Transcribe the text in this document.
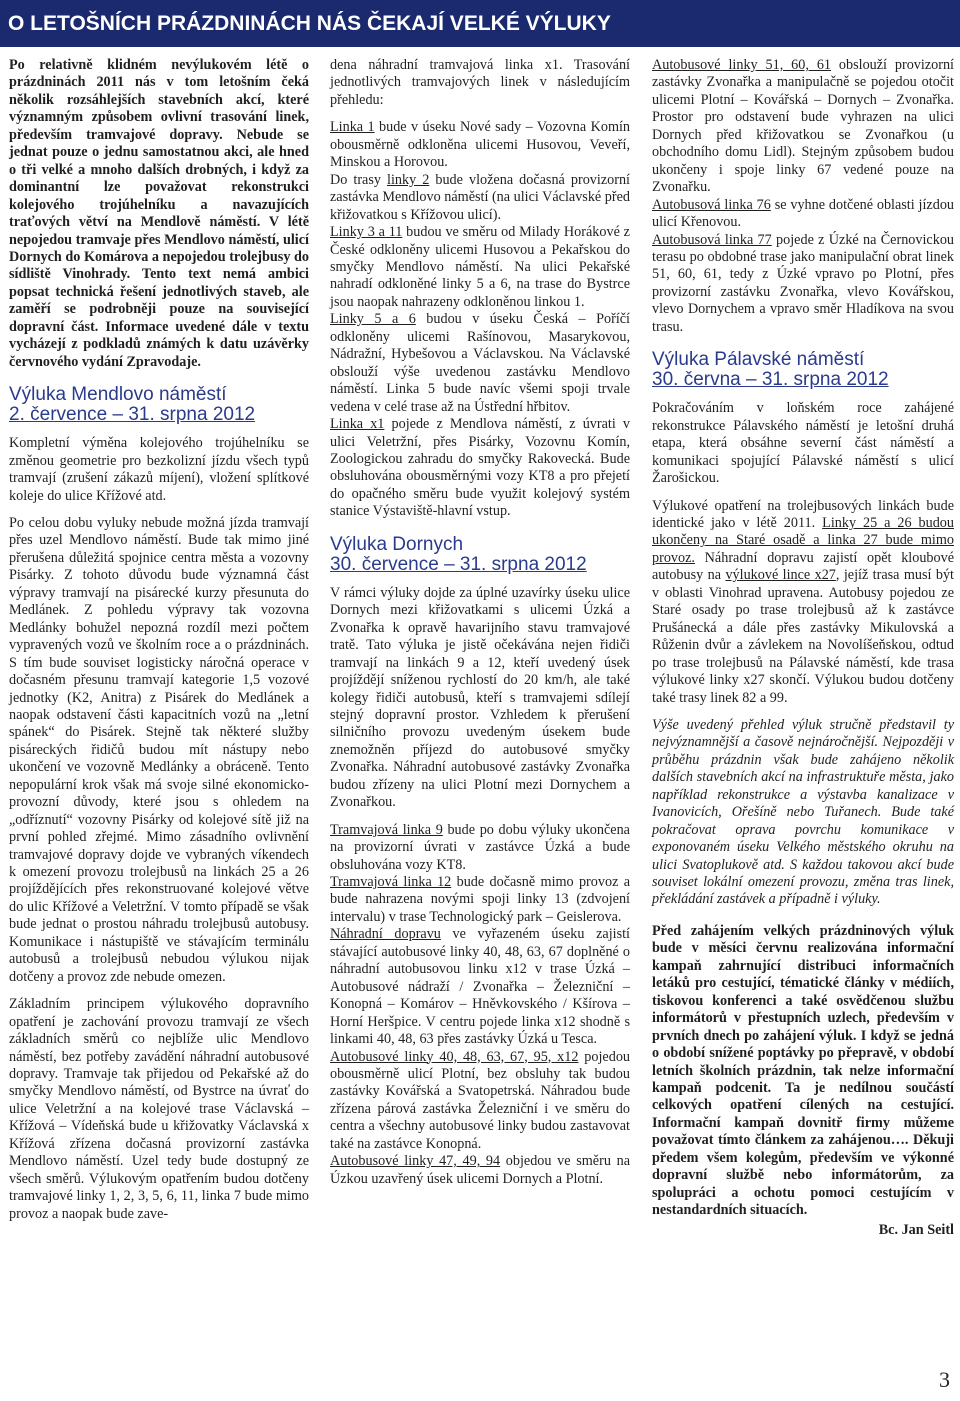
O LETOŠNÍCH PRÁZDNINÁCH NÁS ČEKAJÍ VELKÉ VÝLUKY

Po relativně klidném nevýlukovém létě o prázdninách 2011 nás v tom letošním čeká několik rozsáhlejších stavebních akcí, které významným způsobem ovlivní trasování linek, především tramvajové dopravy. Nebude se jednat pouze o jednu samostatnou akci, ale hned o tři velké a mnoho dalších drobných, i když za dominantní lze považovat rekonstrukci kolejového trojúhelníku a navazujících traťových větví na Mendlově náměstí. V létě nepojedou tramvaje přes Mendlovo náměstí, ulicí Dornych do Komárova a nepojedou trolejbusy do sídliště Vinohrady. Tento text nemá ambici popsat technická řešení jednotlivých staveb, ale zaměří se podrobněji pouze na související dopravní část. Informace uvedené dále v textu vycházejí z podkladů známých k datu uzávěrky červnového vydání Zpravodaje.

Výluka Mendlovo náměstí
2. července – 31. srpna 2012

Kompletní výměna kolejového trojúhelníku se změnou geometrie pro bezkolizní jízdu všech typů tramvají (zrušení zákazů míjení), vložení splítkové koleje do ulice Křížové atd.

Po celou dobu vyluky nebude možná jízda tramvají přes uzel Mendlovo náměstí. Bude tak mimo jiné přerušena důležitá spojnice centra města a vozovny Pisárky. Z tohoto důvodu bude významná část výpravy tramvají na pisárecké kurzy přesunuta do Medlánek. Z pohledu výpravy tak vozovna Medlánky bohužel nepozná rozdíl mezi počtem vypravených vozů ve školním roce a o prázdninách. S tím bude souviset logisticky náročná operace v dočasném přesunu tramvají kategorie 1,5 vozové jednotky (K2, Anitra) z Pisárek do Medlánek a naopak odstavení části kapacitních vozů na „letní spánek“ do Pisárek. Stejně tak některé služby pisáreckých řidičů budou mít nástupy nebo ukončení ve vozovně Medlánky a obráceně. Tento nepopulární krok však má svoje silné ekonomicko-provozní důvody, které jsou s ohledem na „odříznutí“ vozovny Pisárky od kolejové sítě již na první pohled zřejmé. Mimo zásadního ovlivnění tramvajové dopravy dojde ve vybraných víkendech k omezení provozu trolejbusů na linkách 25 a 26 projíždějících přes rekonstruované kolejové větve do ulic Křížové a Veletržní. V tomto případě se však bude jednat o prostou náhradu trolejbusů autobusy. Komunikace i nástupiště ve stávajícím terminálu autobusů a trolejbusů nebudou výlukou nijak dotčeny a provoz zde nebude omezen.

Základním principem výlukového dopravního opatření je zachování provozu tramvají ze všech základních směrů co nejblíže ulic Mendlovo náměstí, bez potřeby zavádění náhradní autobusové dopravy. Tramvaje tak přijedou od Pekařské až do smyčky Mendlovo náměstí, od Bystrce na úvrať do ulice Veletržní a na kolejové trase Václavská – Křížová – Vídeňská bude u křižovatky Václavská x Křížová zřízena dočasná provizorní zastávka Mendlovo náměstí. Uzel tedy bude dostupný ze všech směrů. Výlukovým opatřením budou dotčeny tramvajové linky 1, 2, 3, 5, 6, 11, linka 7 bude mimo provoz a naopak bude zave-

dena náhradní tramvajová linka x1. Trasování jednotlivých tramvajových linek v následujícím přehledu:

Linka 1 bude v úseku Nové sady – Vozovna Komín obousměrně odkloněna ulicemi Husovou, Veveří, Minskou a Horovou.

Do trasy linky 2 bude vložena dočasná provizorní zastávka Mendlovo náměstí (na ulici Václavské před křižovatkou s Křížovou ulicí).

Linky 3 a 11 budou ve směru od Milady Horákové z České odkloněny ulicemi Husovou a Pekařskou do smyčky Mendlovo náměstí. Na ulici Pekařské nahradí odkloněné linky 5 a 6, na trase do Bystrce jsou naopak nahrazeny odkloněnou linkou 1.

Linky 5 a 6 budou v úseku Česká – Poříčí odkloněny ulicemi Rašínovou, Masarykovou, Nádražní, Hybešovou a Václavskou. Na Václavské obslouží výše uvedenou zastávku Mendlovo náměstí. Linka 5 bude navíc všemi spoji trvale vedena v celé trase až na Ústřední hřbitov.

Linka x1 pojede z Mendlova náměstí, z úvrati v ulici Veletržní, přes Pisárky, Vozovnu Komín, Zoologickou zahradu do smyčky Rakovecká. Bude obsluhována obousměrnými vozy KT8 a pro přejetí do opačného směru bude využit kolejový systém stanice Výstaviště-hlavní vstup.

Výluka Dornych
30. července – 31. srpna 2012

V rámci výluky dojde za úplné uzavírky úseku ulice Dornych mezi křižovatkami s ulicemi Úzká a Zvonařka k opravě havarijního stavu tramvajové tratě. Tato výluka je jistě očekávána nejen řidiči tramvají na linkách 9 a 12, kteří uvedený úsek projíždějí sníženou rychlostí do 20 km/h, ale také kolegy řidiči autobusů, kteří s tramvajemi sdílejí stejný dopravní prostor. Vzhledem k přerušení silničního provozu uvedeným úsekem bude znemožněn příjezd do autobusové smyčky Zvonařka. Náhradní autobusové zastávky Zvonařka budou zřízeny na ulici Plotní mezi Dornychem a Zvonařkou.

Tramvajová linka 9 bude po dobu výluky ukončena na provizorní úvrati v zastávce Úzká a bude obsluhována vozy KT8.

Tramvajová linka 12 bude dočasně mimo provoz a bude nahrazena novými spoji linky 13 (zdvojení intervalu) v trase Technologický park – Geislerova.

Náhradní dopravu ve vyřazeném úseku zajistí stávající autobusové linky 40, 48, 63, 67 doplněné o náhradní autobusovou linku x12 v trase Úzká – Autobusové nádraží / Zvonařka – Železniční – Konopná – Komárov – Hněvkovského / Kšírova – Horní Heršpice. V centru pojede linka x12 shodně s linkami 40, 48, 63 přes zastávky Úzká u Tesca.

Autobusové linky 40, 48, 63, 67, 95, x12 pojedou obousměrně ulicí Plotní, bez obsluhy tak budou zastávky Kovářská a Svatopetrská. Náhradou bude zřízena párová zastávka Železniční i ve směru do centra a všechny autobusové linky budou zastavovat také na zastávce Konopná.

Autobusové linky 47, 49, 94 objedou ve směru na Úzkou uzavřený úsek ulicemi Dornych a Plotní.

Autobusové linky 51, 60, 61 obslouží provizorní zastávky Zvonařka a manipulačně se pojedou otočit ulicemi Plotní – Kovářská – Dornych – Zvonařka. Prostor pro odstavení bude vyhrazen na ulici Dornych před křižovatkou se Zvonařkou (u obchodního domu Lidl). Stejným způsobem budou ukončeny i spoje linky 67 vedené pouze na Zvonařku.

Autobusová linka 76 se vyhne dotčené oblasti jízdou ulicí Křenovou.

Autobusová linka 77 pojede z Úzké na Černovickou terasu po obdobné trase jako manipulační obrat linek 51, 60, 61, tedy z Úzké vpravo po Plotní, přes provizorní zastávku Zvonařka, vlevo Kovářskou, vlevo Dornychem a vpravo směr Hladíkova na svou trasu.

Výluka Pálavské náměstí
30. června – 31. srpna 2012

Pokračováním v loňském roce zahájené rekonstrukce Pálavského náměstí je letošní druhá etapa, která obsáhne severní část náměstí a komunikaci spojující Pálavské náměstí s ulicí Žarošickou.

Výlukové opatření na trolejbusových linkách bude identické jako v létě 2011. Linky 25 a 26 budou ukončeny na Staré osadě a linka 27 bude mimo provoz. Náhradní dopravu zajistí opět kloubové autobusy na výlukové lince x27, jejíž trasa musí být v oblasti Vinohrad upravena. Autobusy pojedou ze Staré osady po trase trolejbusů až k zastávce Prušánecká a dále přes zastávky Mikulovská a Růženin dvůr a závlekem na Novolíšeňskou, odtud po trase trolejbusů na Pálavské náměstí, kde trasa výlukové linky x27 skončí. Výlukou budou dotčeny také trasy linek 82 a 99.

Výše uvedený přehled výluk stručně představil ty nejvýznamnější a časově nejnáročnější. Nejpozději v průběhu prázdnin však bude zahájeno několik dalších stavebních akcí na infrastruktuře města, jako například rekonstrukce a výstavba kanalizace v Ivanovicích, Ořešíně nebo Tuřanech. Bude také pokračovat oprava povrchu komunikace v exponovaném úseku Velkého městského okruhu na ulici Svatoplukově atd. S každou takovou akcí bude souviset lokální omezení provozu, změna tras linek, překládání zastávek a případně i výluky.

Před zahájením velkých prázdninových výluk bude v měsíci červnu realizována informační kampaň zahrnující distribuci informačních letáků pro cestující, tématické články v médiích, tiskovou konferenci a také osvědčenou službu informátorů v přestupních uzlech, především v prvních dnech po zahájení výluk. I když se jedná o období snížené poptávky po přepravě, v období letních školních prázdnin, tak nelze informační kampaň podcenit. Ta je nedílnou součástí celkových opatření cílených na cestující. Informační kampaň dovnitř firmy můžeme považovat tímto článkem za zahájenou…. Děkuji předem všem kolegům, především ve výkonné dopravní službě nebo informátorům, za spolupráci a ochotu pomoci cestujícím v nestandardních situacích.

Bc. Jan Seitl
3
